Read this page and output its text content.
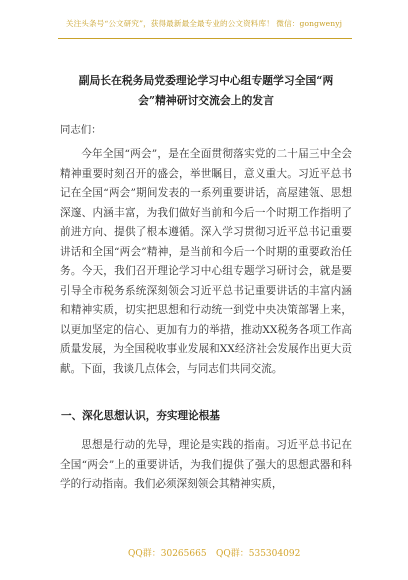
关注头条号“公文研究”，获得最新最全最专业的公文资料库！ 微信：gongwenyj
副局长在税务局党委理论学习中心组专题学习全国“两
会”精神研讨交流会上的发言
同志们：

今年全国“两会”，是在全面贯彻落实党的二十届三中全会精神重要时刻召开的盛会，举世瞩目，意义重大。习近平总书记在全国“两会”期间发表的一系列重要讲话，高屋建瓴、思想深邃、内涵丰富，为我们做好当前和今后一个时期工作指明了前进方向、提供了根本遵循。深入学习贯彻习近平总书记重要讲话和全国“两会”精神，是当前和今后一个时期的重要政治任务。今天，我们召开理论学习中心组专题学习研讨会，就是要引导全市税务系统深刻领会习近平总书记重要讲话的丰富内涵和精神实质，切实把思想和行动统一到党中央决策部署上来，以更加坚定的信心、更加有力的举措，推动XX税务各项工作高质量发展，为全国税收事业发展和XX经济社会发展作出更大贡献。下面，我谈几点体会，与同志们共同交流。

一、深化思想认识，夯实理论根基

思想是行动的先导，理论是实践的指南。习近平总书记在全国“两会”上的重要讲话，为我们提供了强大的思想武器和科学的行动指南。我们必须深刻领会其精神实质，

QQ群：30265665 QQ群：535304092
